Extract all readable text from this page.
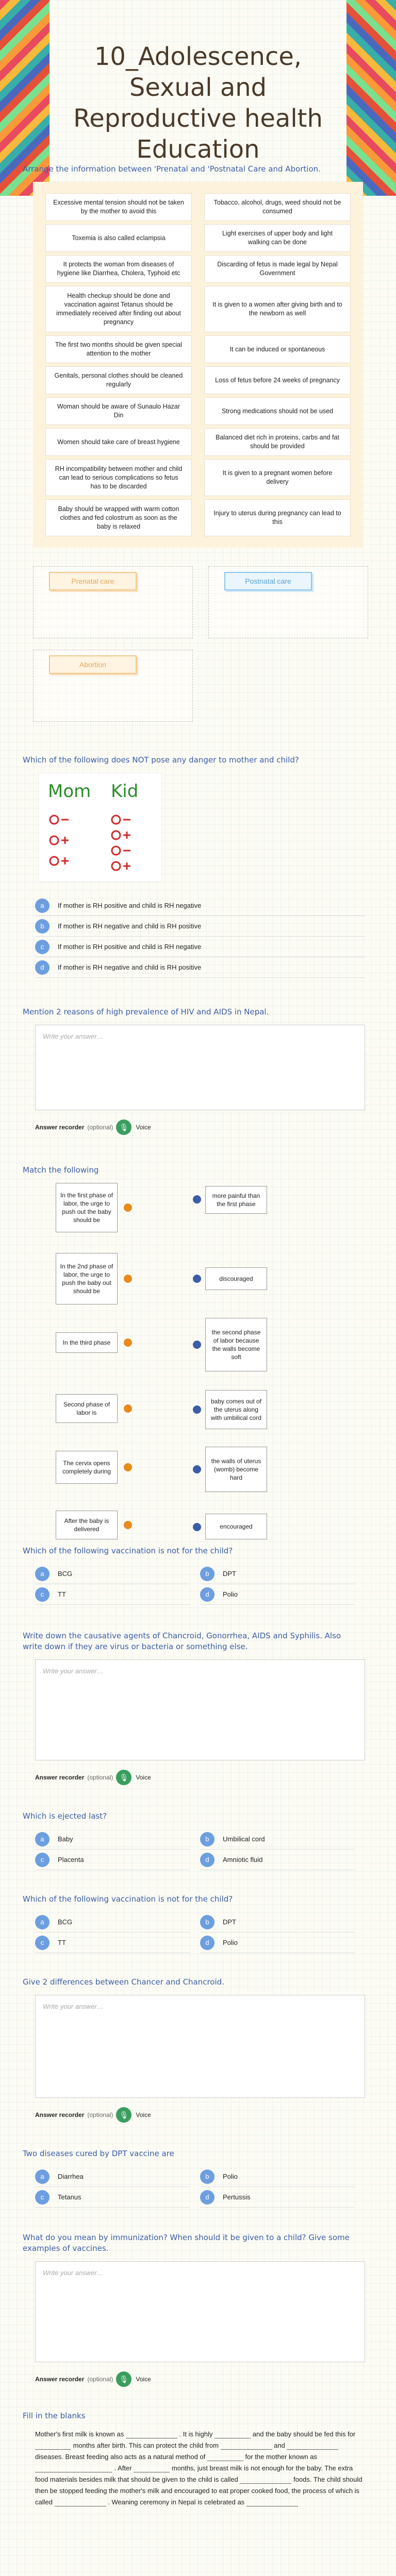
10_Adolescence, Sexual and Reproductive health Education

Arrange the information between 'Prenatal and 'Postnatal Care and Abortion.

Excessive mental tension should not be taken by the mother to avoid this
Tobacco, alcohol, drugs, weed should not be consumed
Toxemia is also called eclampsia
Light exercises of upper body and light walking can be done
It protects the woman from diseases of hygiene like Diarrhea, Cholera, Typhoid etc
Discarding of fetus is made legal by Nepal Government
Health checkup should be done and vaccination against Tetanus should be immediately received after finding out about pregnancy
It is given to a women after giving birth and to the newborn as well
The first two months should be given special attention to the mother
It can be induced or spontaneous
Genitals, personal clothes should be cleaned regularly
Loss of fetus before 24 weeks of pregnancy
Woman should be aware of Sunaulo Hazar Din
Strong medications should not be used
Women should take care of breast hygiene
Balanced diet rich in proteins, carbs and fat should be provided
RH incompatibility between mother and child can lead to serious complications so fetus has to be discarded
It is given to a pregnant women before delivery
Baby should be wrapped with warm cotton clothes and fed colostrum as soon as the baby is relaxed
Injury to uterus during pregnancy can lead to this
Prenatal care	Postnatal care
Abortion

Which of the following does NOT pose any danger to mother and child?

Mom Kid
a	If mother is RH positive and child is RH negative
b	If mother is RH negative and child is RH positive
c	If mother is RH positive and child is RH negative
d	If mother is RH negative and child is RH positive

Mention 2 reasons of high prevalence of HIV and AIDS in Nepal.

Write your answer…
Answer recorder (optional) 🎙	Voice

Match the following

In the first phase of labor, the urge to push out the baby should be
In the 2nd phase of labor, the urge to push the baby out should be
In the third phase
Second phase of labor is
The cervix opens completely during
After the baby is delivered
more painful than the first phase
discouraged
the second phase of labor because the walls become soft
baby comes out of the uterus along with umbilical cord
the walls of uterus (womb) become hard
encouraged

Which of the following vaccination is not for the child?

a	BCG	b	DPT
c	TT	d	Polio

Write down the causative agents of Chancroid, Gonorrhea, AIDS and Syphilis. Also write down if they are virus or bacteria or something else.

Write your answer…
Answer recorder (optional) 🎙	Voice

Which is ejected last?

a	Baby	b	Umbilical cord
c	Placenta	d	Amniotic fluid

Which of the following vaccination is not for the child?

a	BCG	b	DPT
c	TT	d	Polio

Give 2 differences between Chancer and Chancroid.

Write your answer…
Answer recorder (optional) 🎙	Voice

Two diseases cured by DPT vaccine are

a	Diarrhea	b	Polio
c	Tetanus	d	Pertussis

What do you mean by immunization? When should it be given to a child? Give some examples of vaccines.

Write your answer…
Answer recorder (optional) 🎙	Voice

Fill in the blanks

Mother's first milk is known as	. It is highly	and the baby should be fed this for  months after birth. This can protect the child from	and  diseases. Breast feeding also acts as a natural method of	for the mother known as  . After	months, just breast milk is not enough for the baby. The extra food materials besides milk that should be given to the child is called	foods. The child should then be stopped feeding the mother's milk and encouraged to eat proper cooked food, the process of which is called	. Weaning ceremony in Nepal is celebrated as
